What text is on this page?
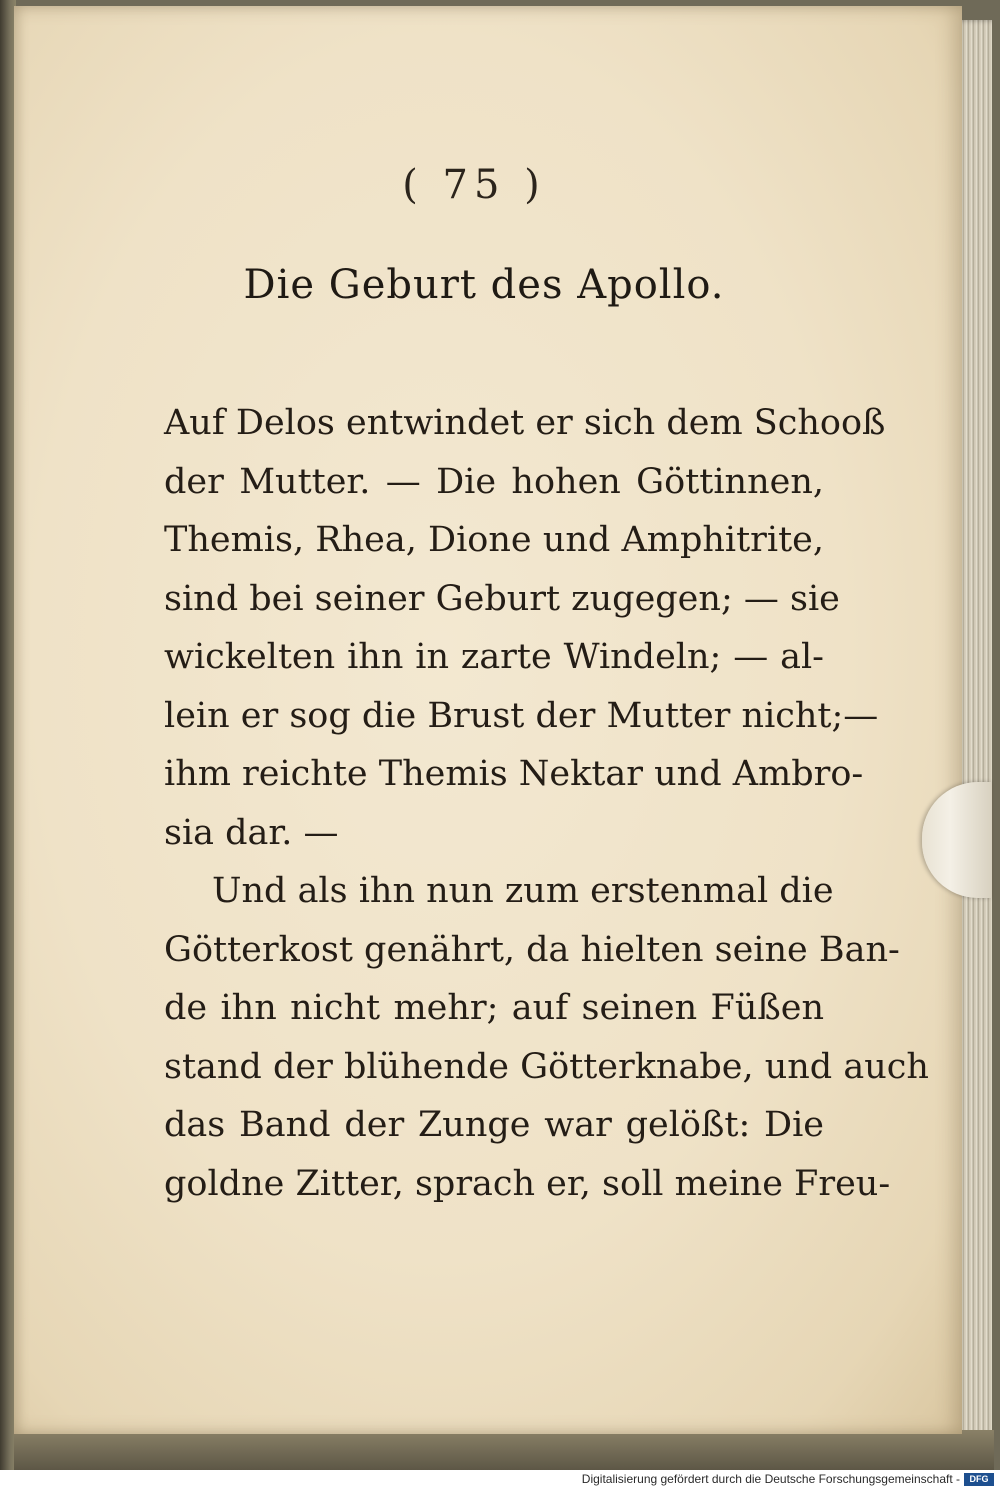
( 75 )

Die Geburt des Apollo.
Auf Delos entwindet er sich dem Schooß
der Mutter. — Die hohen Göttinnen,
Themis, Rhea, Dione und Amphitrite,
sind bei seiner Geburt zugegen; — sie
wickelten ihn in zarte Windeln; — al-
lein er sog die Brust der Mutter nicht;—
ihm reichte Themis Nektar und Ambro-
sia dar. —
Und als ihn nun zum erstenmal die
Götterkost genährt, da hielten seine Ban-
de ihn nicht mehr; auf seinen Füßen
stand der blühende Götterknabe, und auch
das Band der Zunge war gelößt: Die
goldne Zitter, sprach er, soll meine Freu-
Digitalisierung gefördert durch die Deutsche Forschungsgemeinschaft -	DFG
